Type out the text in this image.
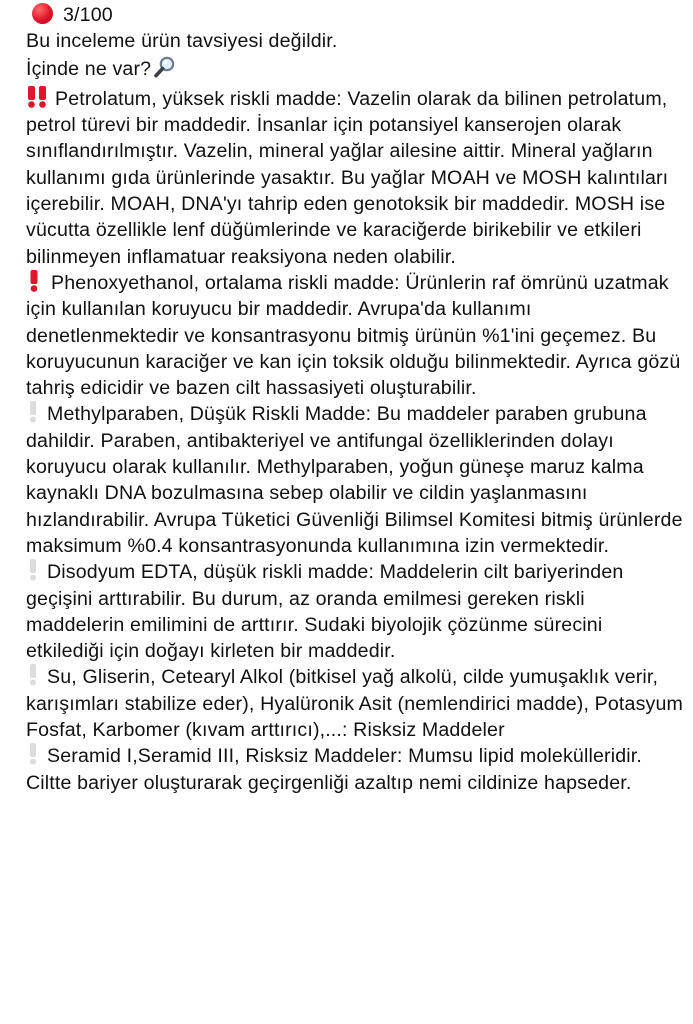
3/100
Bu inceleme ürün tavsiyesi değildir.
İçinde ne var?
Petrolatum, yüksek riskli madde: Vazelin olarak da bilinen petrolatum, petrol türevi bir maddedir. İnsanlar için potansiyel kanserojen olarak sınıflandırılmıştır. Vazelin, mineral yağlar ailesine aittir. Mineral yağların kullanımı gıda ürünlerinde yasaktır. Bu yağlar MOAH ve MOSH kalıntıları içerebilir. MOAH, DNA'yı tahrip eden genotoksik bir maddedir. MOSH ise vücutta özellikle lenf düğümlerinde ve karaciğerde birikebilir ve etkileri bilinmeyen inflamatuar reaksiyona neden olabilir.
Phenoxyethanol, ortalama riskli madde: Ürünlerin raf ömrünü uzatmak için kullanılan koruyucu bir maddedir. Avrupa'da kullanımı denetlenmektedir ve konsantrasyonu bitmiş ürünün %1'ini geçemez. Bu koruyucunun karaciğer ve kan için toksik olduğu bilinmektedir. Ayrıca gözü tahriş edicidir ve bazen cilt hassasiyeti oluşturabilir.
Methylparaben, Düşük Riskli Madde: Bu maddeler paraben grubuna dahildir. Paraben, antibakteriyel ve antifungal özelliklerinden dolayı koruyucu olarak kullanılır. Methylparaben, yoğun güneşe maruz kalma kaynaklı DNA bozulmasına sebep olabilir ve cildin yaşlanmasını hızlandırabilir. Avrupa Tüketici Güvenliği Bilimsel Komitesi bitmiş ürünlerde maksimum %0.4 konsantrasyonunda kullanımına izin vermektedir.
Disodyum EDTA, düşük riskli madde: Maddelerin cilt bariyerinden geçişini arttırabilir. Bu durum, az oranda emilmesi gereken riskli maddelerin emilimini de arttırır. Sudaki biyolojik çözünme sürecini etkilediği için doğayı kirleten bir maddedir.
Su, Gliserin, Cetearyl Alkol (bitkisel yağ alkolü, cilde yumuşaklık verir, karışımları stabilize eder), Hyalüronik Asit (nemlendirici madde), Potasyum Fosfat, Karbomer (kıvam arttırıcı),...: Risksiz Maddeler
Seramid I,Seramid III, Risksiz Maddeler: Mumsu lipid molekülleridir. Ciltte bariyer oluşturarak geçirgenliği azaltıp nemi cildinize hapseder.
